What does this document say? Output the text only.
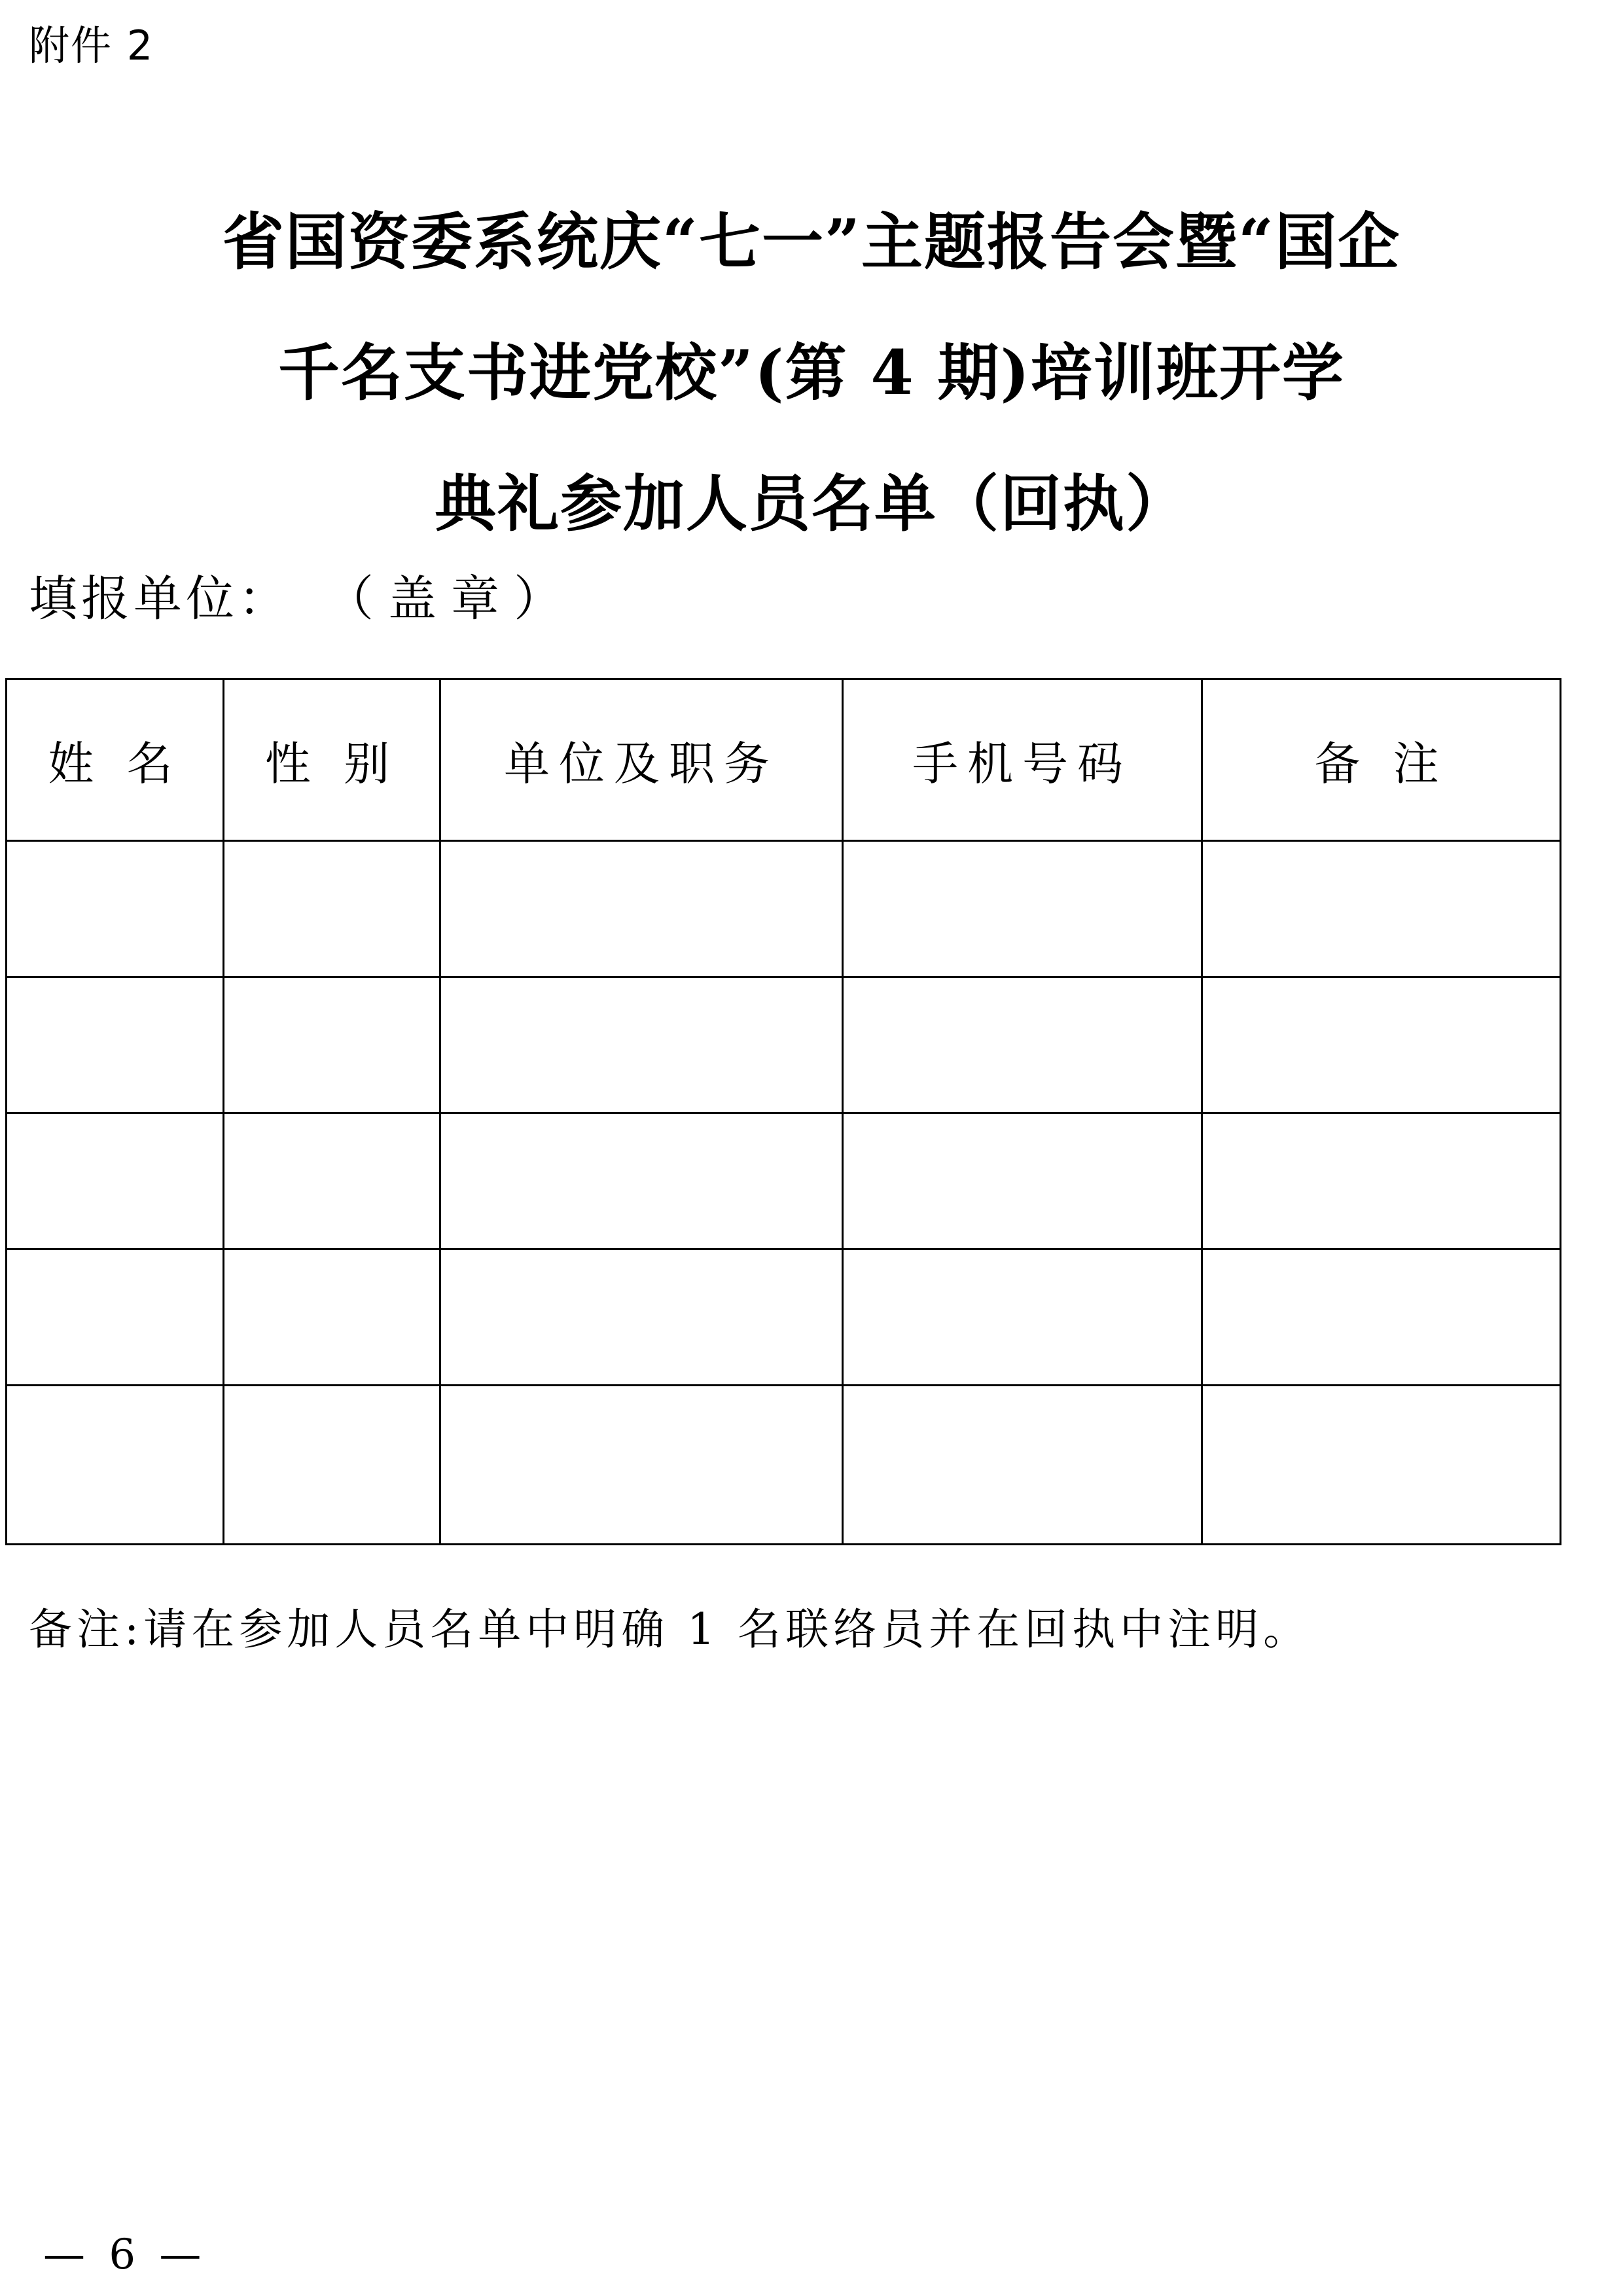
附件 2
省国资委系统庆“七一”主题报告会暨“国企
千名支书进党校”(第 4 期)培训班开学
典礼参加人员名单（回执）
填报单位： （盖章）
姓 名	性 别	单位及职务	手机号码	备 注

备注:请在参加人员名单中明确 1 名联络员并在回执中注明。
— 6 —
